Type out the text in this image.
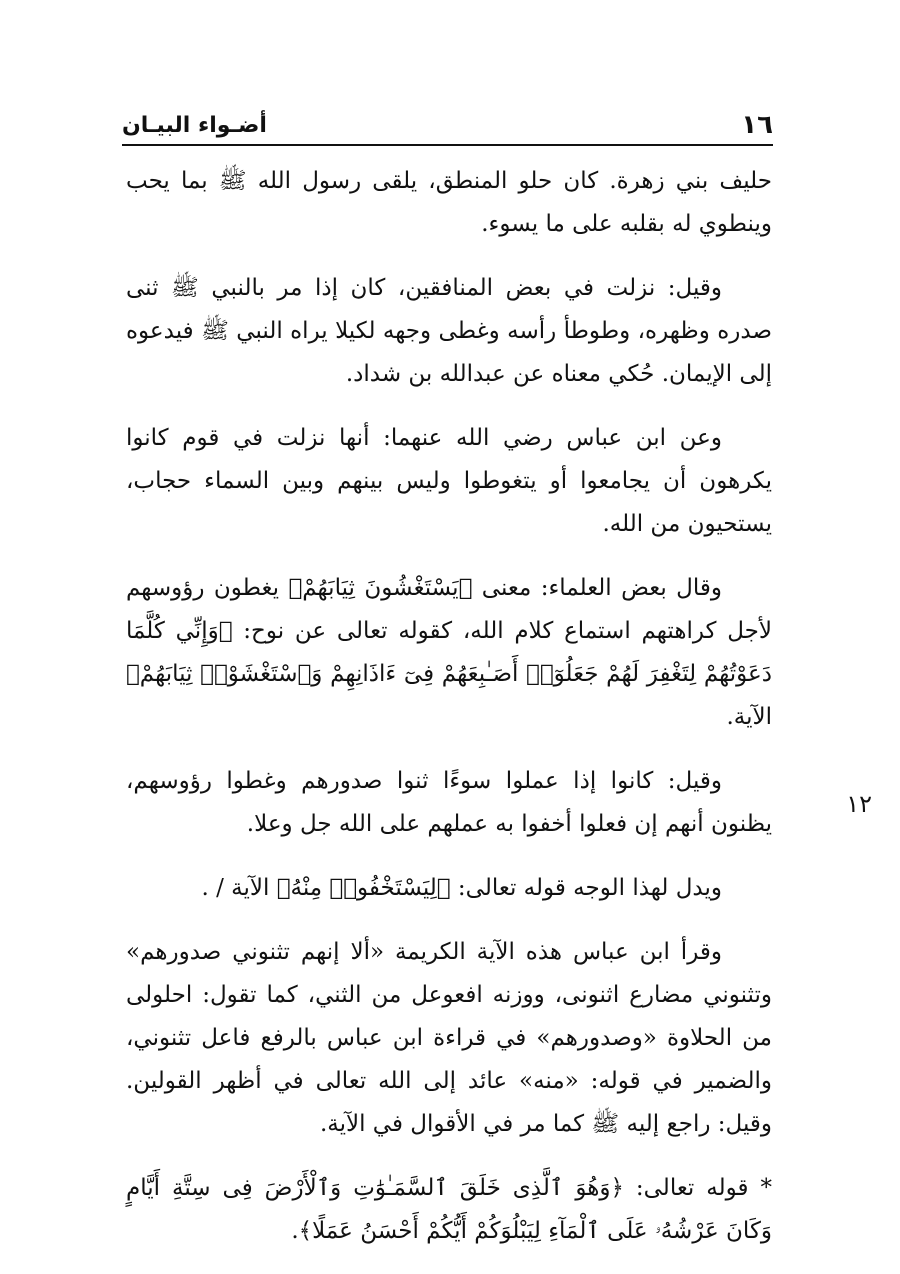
أضـواء البيـان	١٦
١٢

حليف بني زهرة. كان حلو المنطق، يلقى رسول الله ﷺ بما يحب وينطوي له بقلبه على ما يسوء.

وقيل: نزلت في بعض المنافقين، كان إذا مر بالنبي ﷺ ثنى صدره وظهره، وطوطأ رأسه وغطى وجهه لكيلا يراه النبي ﷺ فيدعوه إلى الإيمان. حُكي معناه عن عبدالله بن شداد.

وعن ابن عباس رضي الله عنهما: أنها نزلت في قوم كانوا يكرهون أن يجامعوا أو يتغوطوا وليس بينهم وبين السماء حجاب، يستحيون من الله.

وقال بعض العلماء: معنى ﴿يَسْتَغْشُونَ ثِيَابَهُمْ﴾ يغطون رؤوسهم لأجل كراهتهم استماع كلام الله، كقوله تعالى عن نوح: ﴿وَإِنِّي كُلَّمَا دَعَوْتُهُمْ لِتَغْفِرَ لَهُمْ جَعَلُوٓا۟ أَصَـٰبِعَهُمْ فِىٓ ءَاذَانِهِمْ وَٱسْتَغْشَوْا۟ ثِيَابَهُمْ﴾ الآية.

وقيل: كانوا إذا عملوا سوءًا ثنوا صدورهم وغطوا رؤوسهم، يظنون أنهم إن فعلوا أخفوا به عملهم على الله جل وعلا.

ويدل لهذا الوجه قوله تعالى: ﴿لِيَسْتَخْفُوا۟ مِنْهُ﴾ الآية / .

وقرأ ابن عباس هذه الآية الكريمة «ألا إنهم تثنوني صدورهم» وتثنوني مضارع اثنونى، ووزنه افعوعل من الثني، كما تقول: احلولى من الحلاوة «وصدورهم» في قراءة ابن عباس بالرفع فاعل تثنوني، والضمير في قوله: «منه» عائد إلى الله تعالى في أظهر القولين. وقيل: راجع إليه ﷺ كما مر في الأقوال في الآية.

* قوله تعالى: ﴿وَهُوَ ٱلَّذِى خَلَقَ ٱلسَّمَـٰوَٰتِ وَٱلْأَرْضَ فِى سِتَّةِ أَيَّامٍ وَكَانَ عَرْشُهُۥ عَلَى ٱلْمَآءِ لِيَبْلُوَكُمْ أَيُّكُمْ أَحْسَنُ عَمَلًا﴾.
